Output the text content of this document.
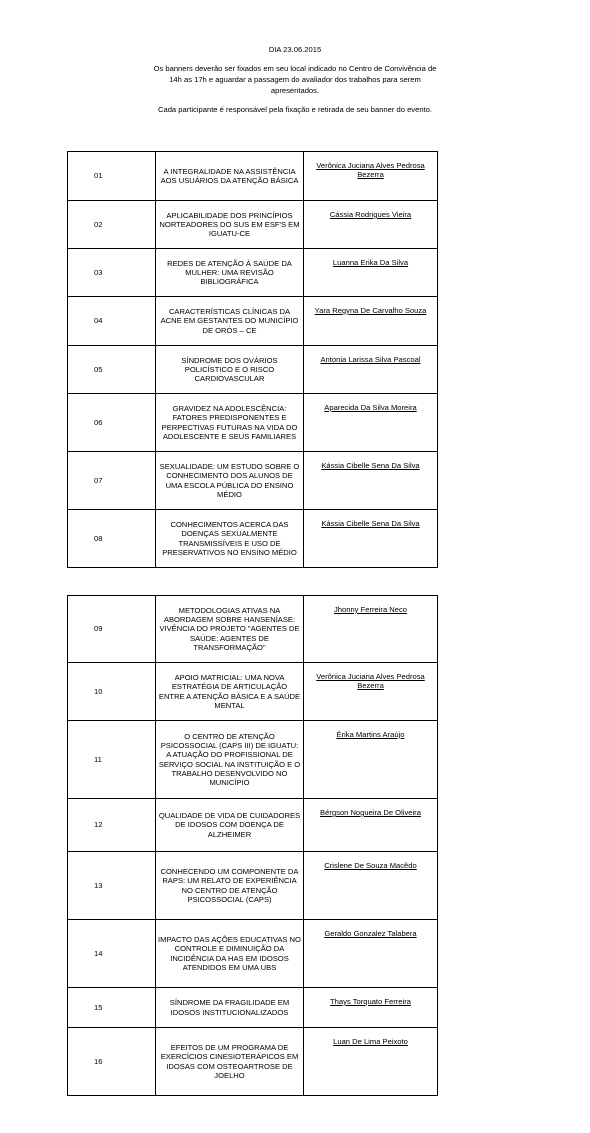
DIA 23.06.2015
Os banners deverão ser fixados em seu local indicado no Centro de Convivência de
14h as 17h e aguardar a passagem do avaliador dos trabalhos para serem
apresentados.
Cada participante é responsável pela fixação e retirada de seu banner do evento.
01	A INTEGRALIDADE NA ASSISTÊNCIA AOS USUÁRIOS DA ATENÇÃO BÁSICA	Verônica Juciana Alves Pedrosa Bezerra
02	APLICABILIDADE DOS PRINCÍPIOS NORTEADORES DO SUS EM ESF'S EM IGUATU-CE	Cássia Rodrigues Vieira
03	REDES DE ATENÇÃO À SAÚDE DA MULHER: UMA REVISÃO BIBLIOGRÁFICA	Luanna Erika Da Silva
04	CARACTERÍSTICAS CLÍNICAS DA ACNE EM GESTANTES DO MUNICÍPIO DE ORÓS – CE	Yara Regyna De Carvalho Souza
05	SÍNDROME DOS OVÁRIOS POLICÍSTICO E O RISCO CARDIOVASCULAR	Antonia Larissa Silva Pascoal
06	GRAVIDEZ NA ADOLESCÊNCIA: FATORES PREDISPONENTES E PERPECTIVAS FUTURAS NA VIDA DO ADOLESCENTE E SEUS FAMILIARES	Aparecida Da Silva Moreira
07	SEXUALIDADE: UM ESTUDO SOBRE O CONHECIMENTO DOS ALUNOS DE UMA ESCOLA PÚBLICA DO ENSINO MÉDIO	Kássia Cibelle Sena Da Silva
08	CONHECIMENTOS ACERCA DAS DOENÇAS SEXUALMENTE TRANSMISSÍVEIS E USO DE PRESERVATIVOS NO ENSINO MÉDIO	Kássia Cibelle Sena Da Silva
09	METODOLOGIAS ATIVAS NA ABORDAGEM SOBRE HANSENÍASE: VIVÊNCIA DO PROJETO "AGENTES DE SAÚDE: AGENTES DE TRANSFORMAÇÃO"	Jhonny Ferreira Neco
10	APOIO MATRICIAL: UMA NOVA ESTRATÉGIA DE ARTICULAÇÃO ENTRE A ATENÇÃO BÁSICA E A SAÚDE MENTAL	Verônica Juciana Alves Pedrosa Bezerra
11	O CENTRO DE ATENÇÃO PSICOSSOCIAL (CAPS III) DE IGUATU: A ATUAÇÃO DO PROFISSIONAL DE SERVIÇO SOCIAL NA INSTITUIÇÃO E O TRABALHO DESENVOLVIDO NO MUNICÍPIO	Érika Martins Araújo
12	QUALIDADE DE VIDA DE CUIDADORES DE IDOSOS COM DOENÇA DE ALZHEIMER	Bérgson Nogueira De Oliveira
13	CONHECENDO UM COMPONENTE DA RAPS: UM RELATO DE EXPERIÊNCIA NO CENTRO DE ATENÇÃO PSICOSSOCIAL (CAPS)	Crislene De Souza Macêdo
14	IMPACTO DAS AÇÕES EDUCATIVAS NO CONTROLE E DIMINUIÇÃO DA INCIDÊNCIA DA HAS EM IDOSOS ATENDIDOS EM UMA UBS	Geraldo Gonzalez Talabera
15	SÍNDROME DA FRAGILIDADE EM IDOSOS INSTITUCIONALIZADOS	Thays Torquato Ferreira
16	EFEITOS DE UM PROGRAMA DE EXERCÍCIOS CINESIOTERÁPICOS EM IDOSAS COM OSTEOARTROSE DE JOELHO	Luan De Lima Peixoto
